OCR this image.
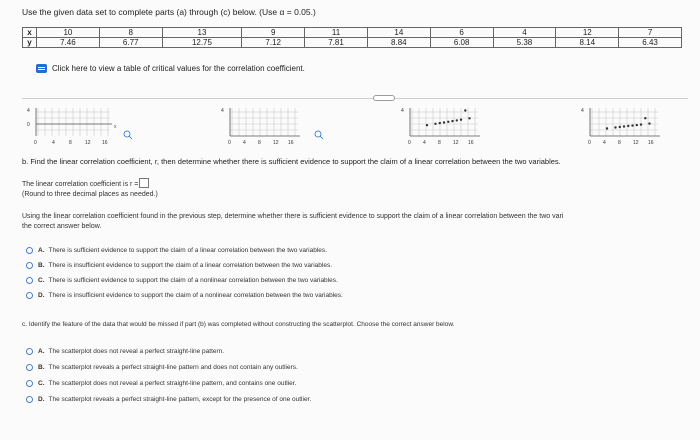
Use the given data set to complete parts (a) through (c) below. (Use α = 0.05.)
x	10	8	13	9	11	14	6	4	12	7
y	7.46	6.77	12.75	7.12	7.81	8.84	6.08	5.38	8.14	6.43
Click here to view a table of critical values for the correlation coefficient.
4
0
0	4	8	12 16
x
4
0 4 8 12 16
4
0 4 8 12 16
4
0 4 8 12 16
b. Find the linear correlation coefficient, r, then determine whether there is sufficient evidence to support the claim of a linear correlation between the two variables.
The linear correlation coefficient is r =
(Round to three decimal places as needed.)
Using the linear correlation coefficient found in the previous step, determine whether there is sufficient evidence to support the claim of a linear correlation between the two vari
the correct answer below.
A. There is sufficient evidence to support the claim of a linear correlation between the two variables.
B. There is insufficient evidence to support the claim of a linear correlation between the two variables.
C. There is sufficient evidence to support the claim of a nonlinear correlation between the two variables.
D. There is insufficient evidence to support the claim of a nonlinear correlation between the two variables.
c. Identify the feature of the data that would be missed if part (b) was completed without constructing the scatterplot. Choose the correct answer below.
A. The scatterplot does not reveal a perfect straight-line pattern.
B. The scatterplot reveals a perfect straight-line pattern and does not contain any outliers.
C. The scatterplot does not reveal a perfect straight-line pattern, and contains one outlier.
D. The scatterplot reveals a perfect straight-line pattern, except for the presence of one outlier.
